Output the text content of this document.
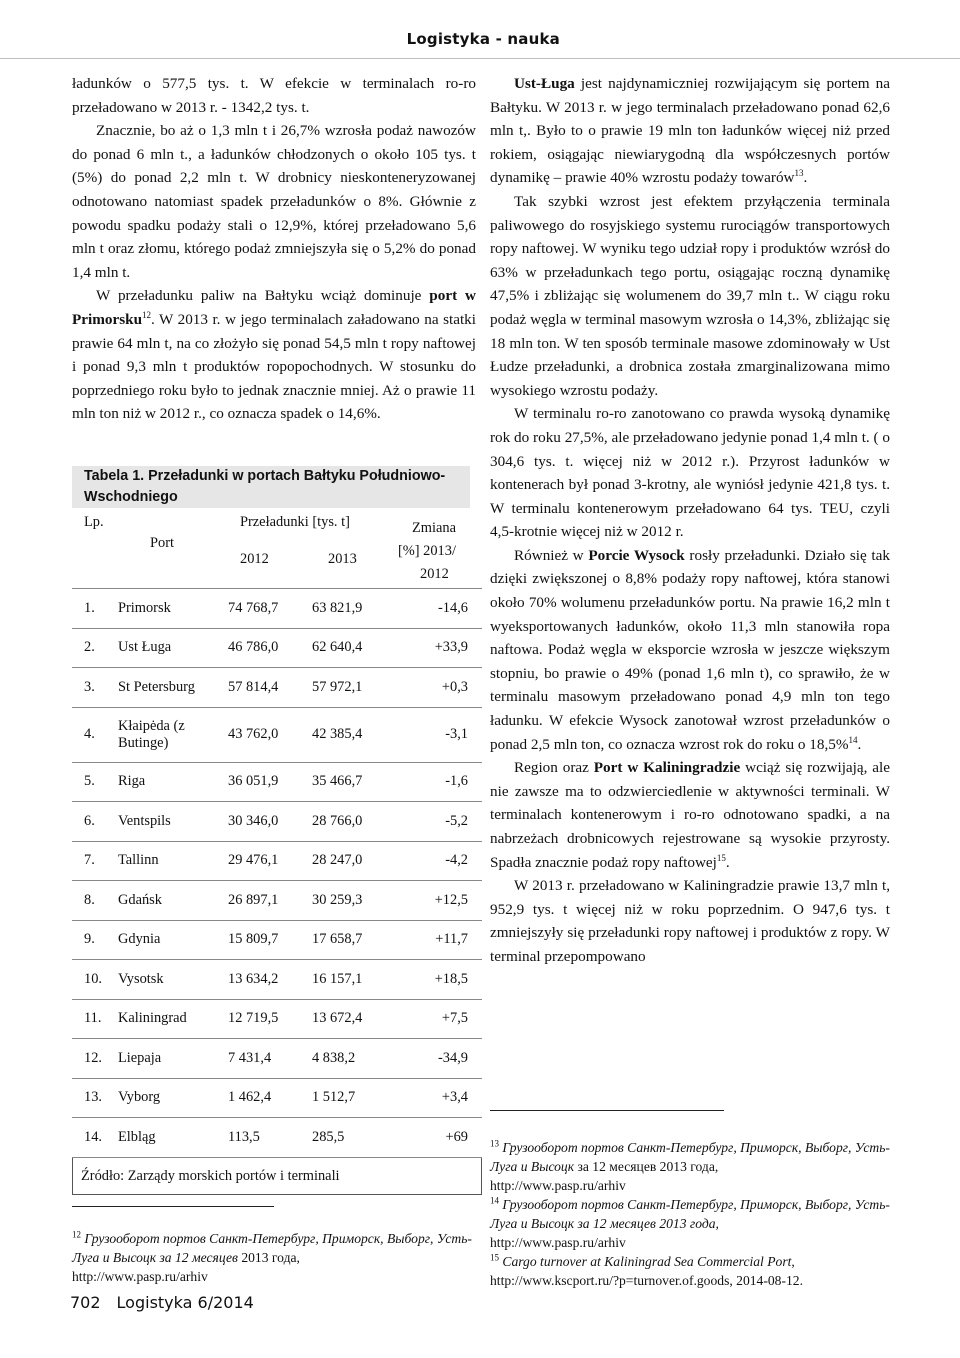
Logistyka - nauka

ładunków o 577,5 tys. t. W efekcie w terminalach ro-ro przeładowano w 2013 r. - 1342,2 tys. t.

Znacznie, bo aż o 1,3 mln t i 26,7% wzrosła podaż nawozów do ponad 6 mln t., a ładunków chłodzonych o około 105 tys. t (5%) do ponad 2,2 mln t. W drobnicy nieskonteneryzowanej odnotowano natomiast spadek przeładunków o 8%. Głównie z powodu spadku podaży stali o 12,9%, której przeładowano 5,6 mln t oraz złomu, którego podaż zmniejszyła się o 5,2% do ponad 1,4 mln t.

W przeładunku paliw na Bałtyku wciąż dominuje port w Primorsku$^{12}$. W 2013 r. w jego terminalach załadowano na statki prawie 64 mln t, na co złożyło się ponad 54,5 mln t ropy naftowej i ponad 9,3 mln t produktów ropopochodnych. W stosunku do poprzedniego roku było to jednak znacznie mniej. Aż o prawie 11 mln ton niż w 2012 r., co oznacza spadek o 14,6%.

Tabela 1. Przeładunki w portach Bałtyku Południowo-Wschodniego
Lp.
Port
Przeładunki [tys. t]
2012	2013
Zmiana
[%] 2013/
2012
1.	Primorsk	74 768,7	63 821,9	-14,6
2.	Ust Ługa	46 786,0	62 640,4	+33,9
3.	St Petersburg	57 814,4	57 972,1	+0,3
4.	Kłaipėda (z Butinge)	43 762,0	42 385,4	-3,1
5.	Riga	36 051,9	35 466,7	-1,6
6.	Ventspils	30 346,0	28 766,0	-5,2
7.	Tallinn	29 476,1	28 247,0	-4,2
8.	Gdańsk	26 897,1	30 259,3	+12,5
9.	Gdynia	15 809,7	17 658,7	+11,7
10.	Vysotsk	13 634,2	16 157,1	+18,5
11.	Kaliningrad	12 719,5	13 672,4	+7,5
12.	Liepaja	7 431,4	4 838,2	-34,9
13.	Vyborg	1 462,4	1 512,7	+3,4
14.	Elbląg	113,5	285,5	+69
Źródło: Zarządy morskich portów i terminali
$^{12}$ Грузооборот портов Санкт-Петербург, Приморск, Выборг, Усть-Луга и Высоцк за 12 месяцев 2013 года,
http://www.pasp.ru/arhiv

Ust-Ługa jest najdynamiczniej rozwijającym się portem na Bałtyku. W 2013 r. w jego terminalach przeładowano ponad 62,6 mln t,. Było to o prawie 19 mln ton ładunków więcej niż przed rokiem, osiągając niewiarygodną dla współczesnych portów dynamikę – prawie 40% wzrostu podaży towarów$^{13}$.

Tak szybki wzrost jest efektem przyłączenia terminala paliwowego do rosyjskiego systemu rurociągów transportowych ropy naftowej. W wyniku tego udział ropy i produktów wzrósł do 63% w przeładunkach tego portu, osiągając roczną dynamikę 47,5% i zbliżając się wolumenem do 39,7 mln t.. W ciągu roku podaż węgla w terminal masowym wzrosła o 14,3%, zbliżając się 18 mln ton. W ten sposób terminale masowe zdominowały w Ust Łudze przeładunki, a drobnica została zmarginalizowana mimo wysokiego wzrostu podaży.

W terminalu ro-ro zanotowano co prawda wysoką dynamikę rok do roku 27,5%, ale przeładowano jedynie ponad 1,4 mln t. ( o 304,6 tys. t. więcej niż w 2012 r.). Przyrost ładunków w kontenerach był ponad 3-krotny, ale wyniósł jedynie 421,8 tys. t. W terminalu kontenerowym przeładowano 64 tys. TEU, czyli 4,5-krotnie więcej niż w 2012 r.

Również w Porcie Wysock rosły przeładunki. Działo się tak dzięki zwiększonej o 8,8% podaży ropy naftowej, która stanowi około 70% wolumenu przeładunków portu. Na prawie 16,2 mln t wyeksportowanych ładunków, około 11,3 mln stanowiła ropa naftowa. Podaż węgla w eksporcie wzrosła w jeszcze większym stopniu, bo prawie o 49% (ponad 1,6 mln t), co sprawiło, że w terminalu masowym przeładowano ponad 4,9 mln ton tego ładunku. W efekcie Wysock zanotował wzrost przeładunków o ponad 2,5 mln ton, co oznacza wzrost rok do roku o 18,5%$^{14}$.

Region oraz Port w Kaliningradzie wciąż się rozwijają, ale nie zawsze ma to odzwierciedlenie w aktywności terminali. W terminalach kontenerowym i ro-ro odnotowano spadki, a na nabrzeżach drobnicowych rejestrowane są wysokie przyrosty. Spadła znacznie podaż ropy naftowej$^{15}$.

W 2013 r. przeładowano w Kaliningradzie prawie 13,7 mln t, 952,9 tys. t więcej niż w roku poprzednim. O 947,6 tys. t zmniejszyły się przeładunki ropy naftowej i produktów z ropy. W terminal przepompowano

$^{13}$ Грузооборот портов Санкт-Петербург, Приморск, Выборг, Усть-Луга и Высоцк за 12 месяцев 2013 года,
http://www.pasp.ru/arhiv
$^{14}$ Грузооборот портов Санкт-Петербург, Приморск, Выборг, Усть-Луга и Высоцк за 12 месяцев 2013 года,
http://www.pasp.ru/arhiv
$^{15}$ Cargo turnover at Kaliningrad Sea Commercial Port, http://www.kscport.ru/?p=turnover.of.goods, 2014-08-12.
702 Logistyka 6/2014
